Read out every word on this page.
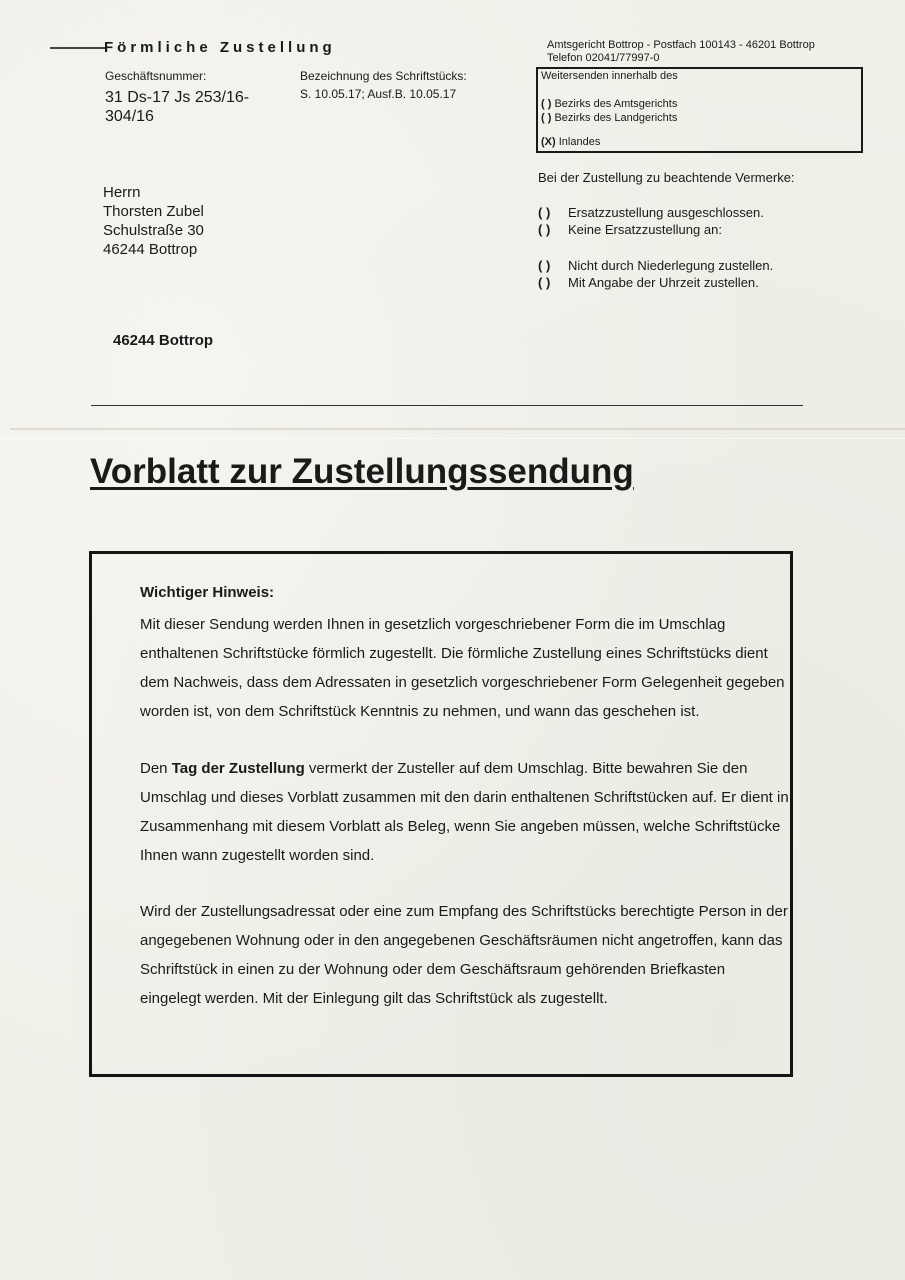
Förmliche Zustellung
Geschäftsnummer:
31 Ds-17 Js 253/16-304/16
Bezeichnung des Schriftstücks:
S. 10.05.17; Ausf.B. 10.05.17
Amtsgericht Bottrop - Postfach 100143 - 46201 Bottrop
Telefon 02041/77997-0
Weitersenden innerhalb des
( ) Bezirks des Amtsgerichts
( ) Bezirks des Landgerichts
(X) Inlandes
Bei der Zustellung zu beachtende Vermerke:
( ) Ersatzzustellung ausgeschlossen.
( ) Keine Ersatzzustellung an:
( ) Nicht durch Niederlegung zustellen.
( ) Mit Angabe der Uhrzeit zustellen.
Herrn
Thorsten Zubel
Schulstraße 30
46244 Bottrop
46244 Bottrop
Vorblatt zur Zustellungssendung
Wichtiger Hinweis:
Mit dieser Sendung werden Ihnen in gesetzlich vorgeschriebener Form die im Umschlag enthaltenen Schriftstücke förmlich zugestellt. Die förmliche Zustellung eines Schriftstücks dient dem Nachweis, dass dem Adressaten in gesetzlich vorgeschriebener Form Gelegenheit gegeben worden ist, von dem Schriftstück Kenntnis zu nehmen, und wann das geschehen ist.
Den Tag der Zustellung vermerkt der Zusteller auf dem Umschlag. Bitte bewahren Sie den Umschlag und dieses Vorblatt zusammen mit den darin enthaltenen Schriftstücken auf. Er dient in Zusammenhang mit diesem Vorblatt als Beleg, wenn Sie angeben müssen, welche Schriftstücke Ihnen wann zugestellt worden sind.
Wird der Zustellungsadressat oder eine zum Empfang des Schriftstücks berechtigte Person in der angegebenen Wohnung oder in den angegebenen Geschäftsräumen nicht angetroffen, kann das Schriftstück in einen zu der Wohnung oder dem Geschäftsraum gehörenden Briefkasten eingelegt werden. Mit der Einlegung gilt das Schriftstück als zugestellt.
